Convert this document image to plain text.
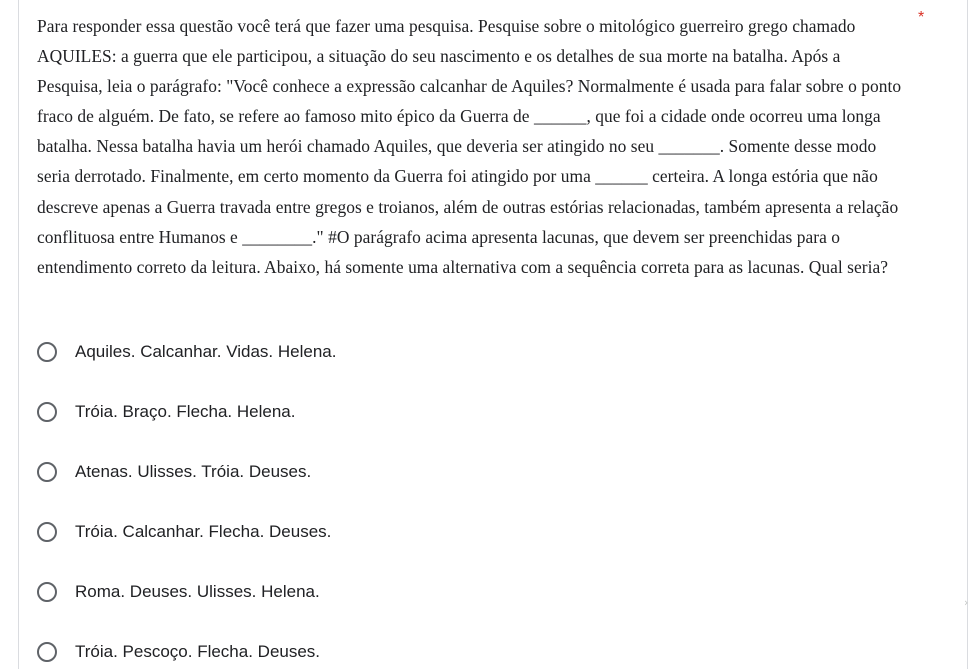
Para responder essa questão você terá que fazer uma pesquisa. Pesquise sobre o mitológico guerreiro grego chamado AQUILES: a guerra que ele participou, a situação do seu nascimento e os detalhes de sua morte na batalha. Após a Pesquisa, leia o parágrafo: "Você conhece a expressão calcanhar de Aquiles? Normalmente é usada para falar sobre o ponto fraco de alguém. De fato, se refere ao famoso mito épico da Guerra de ______, que foi a cidade onde ocorreu uma longa batalha. Nessa batalha havia um herói chamado Aquiles, que deveria ser atingido no seu _______. Somente desse modo seria derrotado. Finalmente, em certo momento da Guerra foi atingido por uma ______ certeira. A longa estória que não descreve apenas a Guerra travada entre gregos e troianos, além de outras estórias relacionadas, também apresenta a relação conflituosa entre Humanos e ________." #O parágrafo acima apresenta lacunas, que devem ser preenchidas para o entendimento correto da leitura. Abaixo, há somente uma alternativa com a sequência correta para as lacunas. Qual seria?

*
Aquiles. Calcanhar. Vidas. Helena.
Tróia. Braço. Flecha. Helena.
Atenas. Ulisses. Tróia. Deuses.
Tróia. Calcanhar. Flecha. Deuses.
Roma. Deuses. Ulisses. Helena.
Tróia. Pescoço. Flecha. Deuses.
›
